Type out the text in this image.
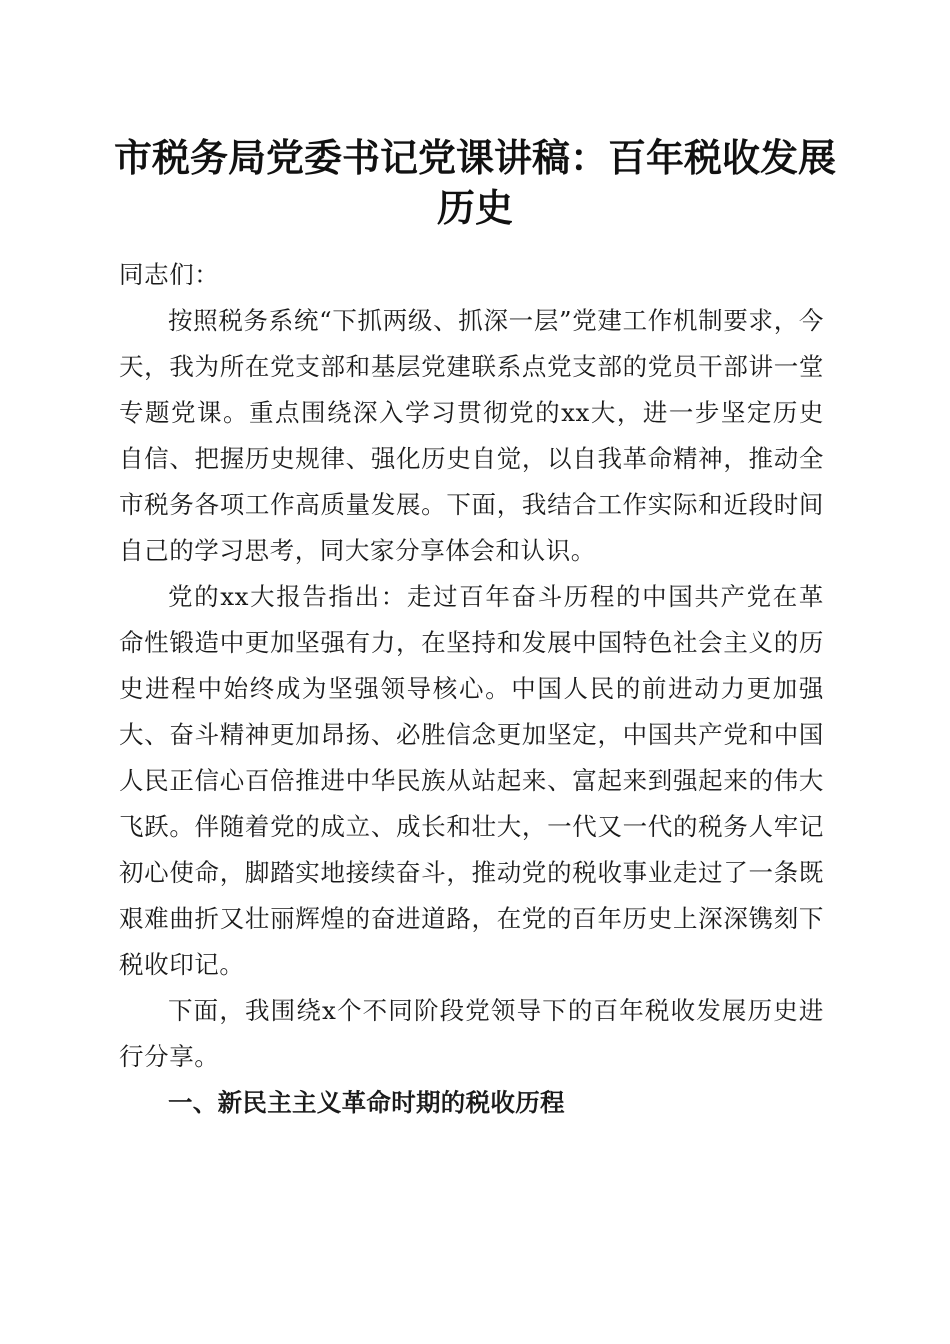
市税务局党委书记党课讲稿：百年税收发展历史

同志们：

按照税务系统“下抓两级、抓深一层”党建工作机制要求，今天，我为所在党支部和基层党建联系点党支部的党员干部讲一堂专题党课。重点围绕深入学习贯彻党的xx大，进一步坚定历史自信、把握历史规律、强化历史自觉，以自我革命精神，推动全市税务各项工作高质量发展。下面，我结合工作实际和近段时间自己的学习思考，同大家分享体会和认识。

党的xx大报告指出：走过百年奋斗历程的中国共产党在革命性锻造中更加坚强有力，在坚持和发展中国特色社会主义的历史进程中始终成为坚强领导核心。中国人民的前进动力更加强大、奋斗精神更加昂扬、必胜信念更加坚定，中国共产党和中国人民正信心百倍推进中华民族从站起来、富起来到强起来的伟大飞跃。伴随着党的成立、成长和壮大，一代又一代的税务人牢记初心使命，脚踏实地接续奋斗，推动党的税收事业走过了一条既艰难曲折又壮丽辉煌的奋进道路，在党的百年历史上深深镌刻下税收印记。

下面，我围绕x个不同阶段党领导下的百年税收发展历史进行分享。

一、新民主主义革命时期的税收历程
